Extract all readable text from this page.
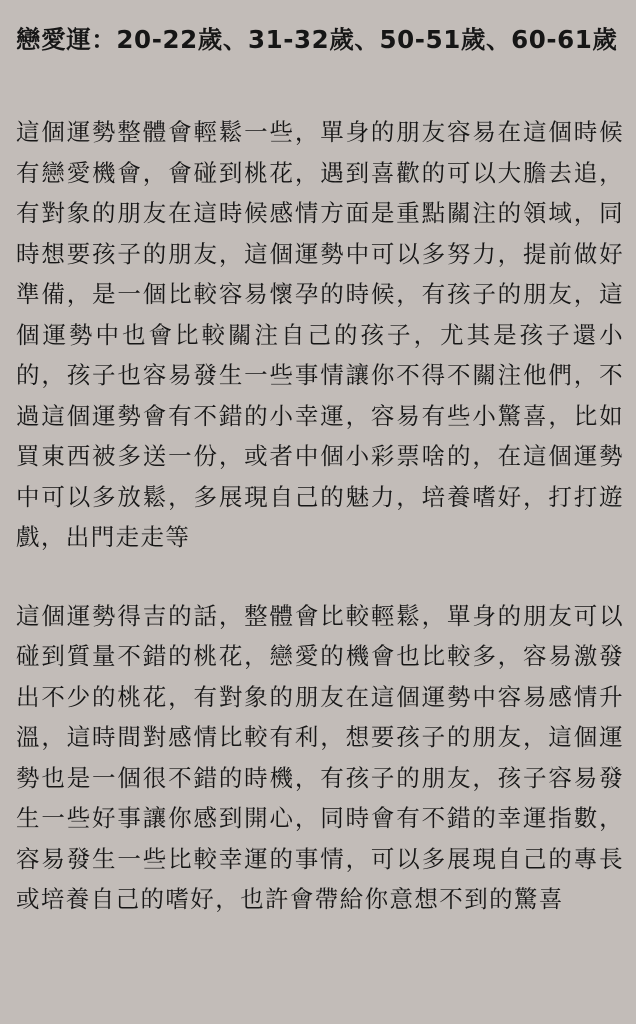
戀愛運：20-22歲、31-32歲、50-51歲、60-61歲

這個運勢整體會輕鬆一些，單身的朋友容易在這個時候有戀愛機會，會碰到桃花，遇到喜歡的可以大膽去追，有對象的朋友在這時候感情方面是重點關注的領域，同時想要孩子的朋友，這個運勢中可以多努力，提前做好準備，是一個比較容易懷孕的時候，有孩子的朋友，這個運勢中也會比較關注自己的孩子，尤其是孩子還小的，孩子也容易發生一些事情讓你不得不關注他們，不過這個運勢會有不錯的小幸運，容易有些小驚喜，比如買東西被多送一份，或者中個小彩票啥的，在這個運勢中可以多放鬆，多展現自己的魅力，培養嗜好，打打遊戲，出門走走等

這個運勢得吉的話，整體會比較輕鬆，單身的朋友可以碰到質量不錯的桃花，戀愛的機會也比較多，容易激發出不少的桃花，有對象的朋友在這個運勢中容易感情升溫，這時間對感情比較有利，想要孩子的朋友，這個運勢也是一個很不錯的時機，有孩子的朋友，孩子容易發生一些好事讓你感到開心，同時會有不錯的幸運指數，容易發生一些比較幸運的事情，可以多展現自己的專長或培養自己的嗜好，也許會帶給你意想不到的驚喜
